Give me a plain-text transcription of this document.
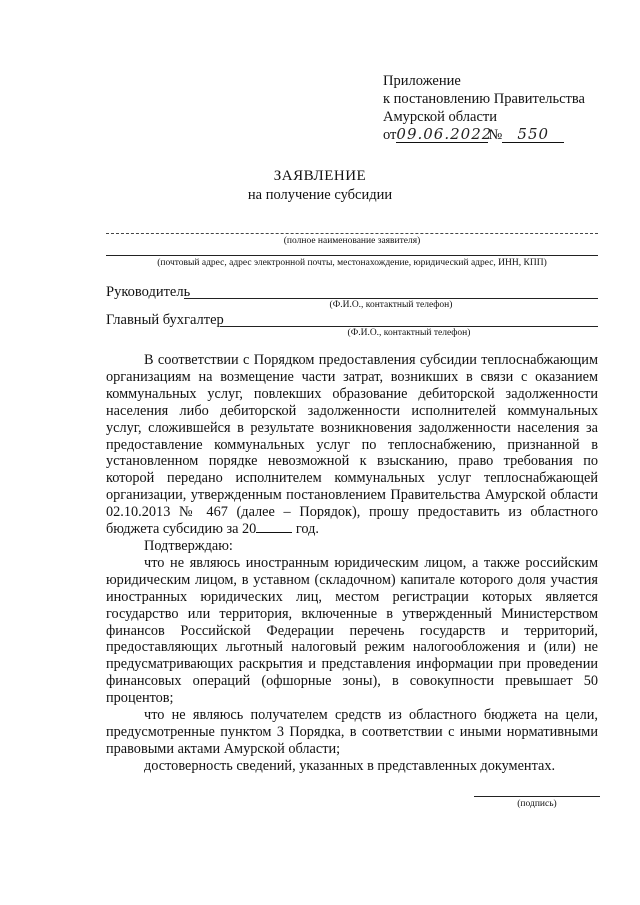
Приложение
к постановлению Правительства
Амурской области
от09.06.2022№ 550
ЗАЯВЛЕНИЕ
на получение субсидии
(полное наименование заявителя)
(почтовый адрес, адрес электронной почты, местонахождение, юридический адрес, ИНН, КПП)
Руководитель
(Ф.И.О., контактный телефон)
Главный бухгалтер
(Ф.И.О., контактный телефон)

В соответствии с Порядком предоставления субсидии теплоснабжающим организациям на возмещение части затрат, возникших в связи с оказанием коммунальных услуг, повлекших образование дебиторской задолженности населения либо дебиторской задолженности исполнителей коммунальных услуг, сложившейся в результате возникновения задолженности населения за предоставление коммунальных услуг по теплоснабжению, признанной в установленном порядке невозможной к взысканию, право требования по которой передано исполнителем коммунальных услуг теплоснабжающей организации, утвержденным постановлением Правительства Амурской области 02.10.2013 № 467 (далее – Порядок), прошу предоставить из областного бюджета субсидию за 20	год.

Подтверждаю:

что не являюсь иностранным юридическим лицом, а также российским юридическим лицом, в уставном (складочном) капитале которого доля участия иностранных юридических лиц, местом регистрации которых является государство или территория, включенные в утвержденный Министерством финансов Российской Федерации перечень государств и территорий, предоставляющих льготный налоговый режим налогообложения и (или) не предусматривающих раскрытия и представления информации при проведении финансовых операций (офшорные зоны), в совокупности превышает 50 процентов;

что не являюсь получателем средств из областного бюджета на цели, предусмотренные пунктом 3 Порядка, в соответствии с иными нормативными правовыми актами Амурской области;

достоверность сведений, указанных в представленных документах.

(подпись)
